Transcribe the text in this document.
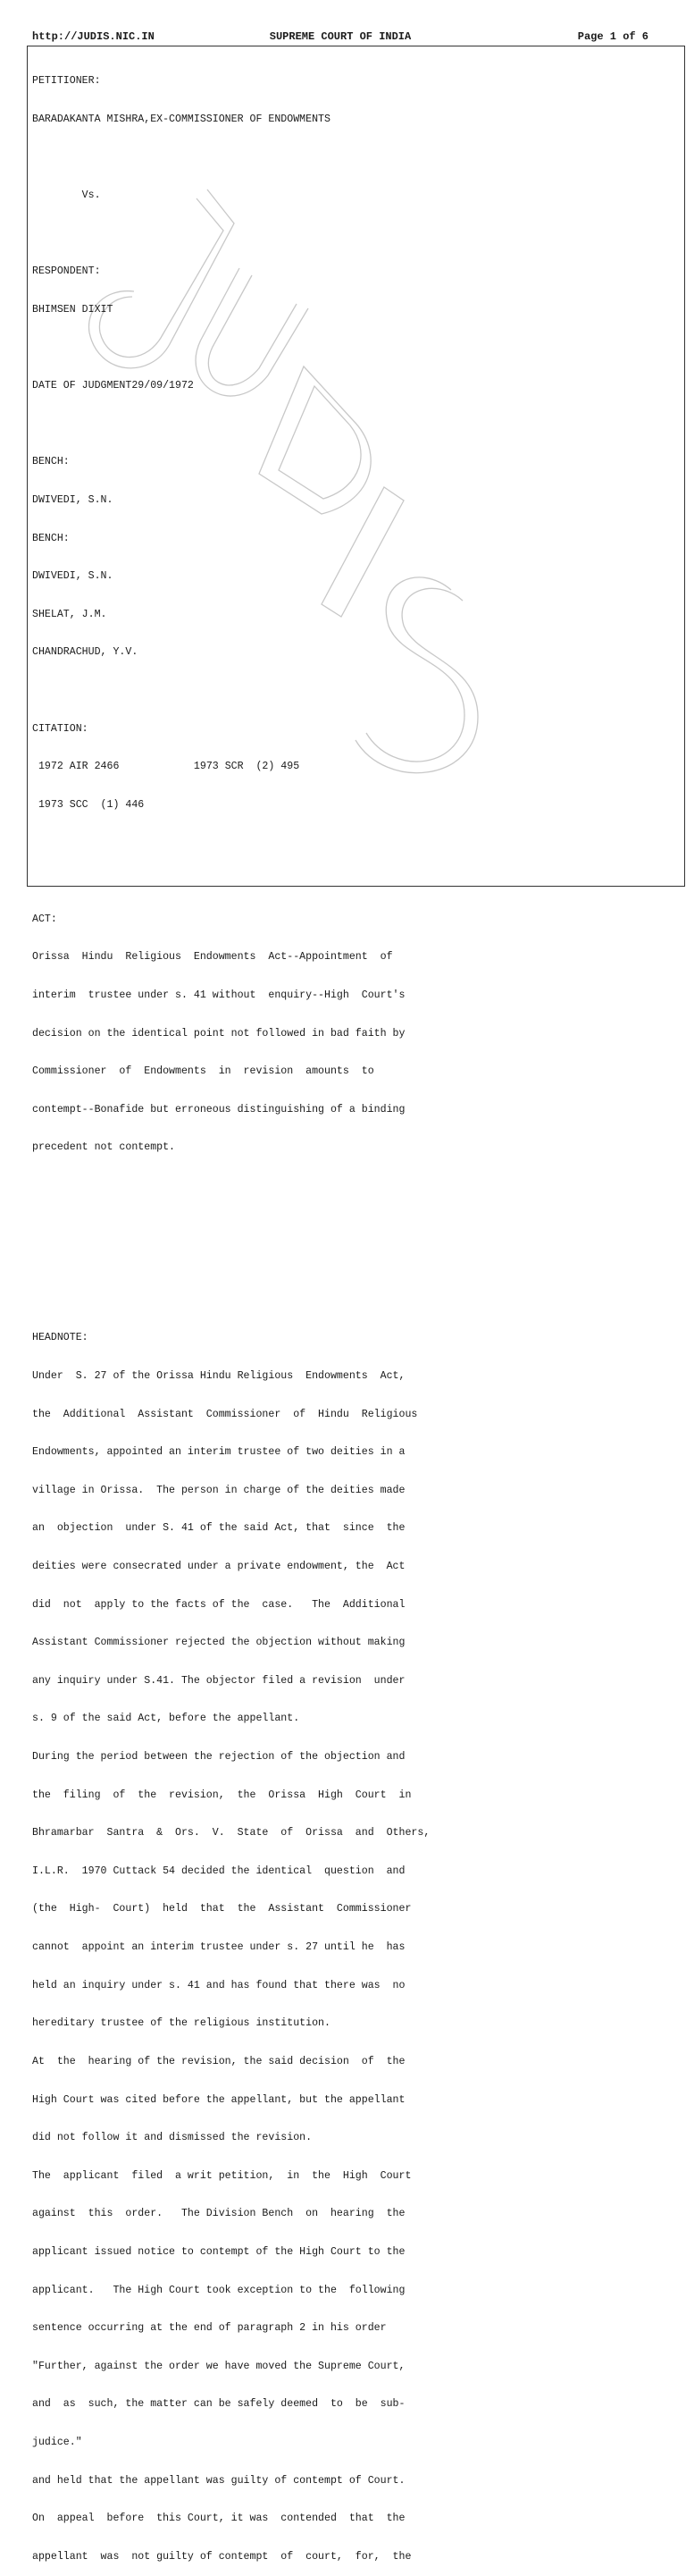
http://JUDIS.NIC.IN	SUPREME COURT OF INDIA	Page 1 of 6

PETITIONER:

BARADAKANTA MISHRA,EX-COMMISSIONER OF ENDOWMENTS

Vs.

RESPONDENT:

BHIMSEN DIXIT

DATE OF JUDGMENT29/09/1972

BENCH:

DWIVEDI, S.N.

BENCH:

DWIVEDI, S.N.

SHELAT, J.M.

CHANDRACHUD, Y.V.

CITATION:

1972 AIR 2466            1973 SCR  (2) 495

1973 SCC  (1) 446

ACT:

Orissa  Hindu  Religious  Endowments  Act--Appointment  of

interim  trustee under s. 41 without  enquiry--High  Court's

decision on the identical point not followed in bad faith by

Commissioner  of  Endowments  in  revision  amounts  to

contempt--Bonafide but erroneous distinguishing of a binding

precedent not contempt.

HEADNOTE:

Under  S. 27 of the Orissa Hindu Religious  Endowments  Act,

the  Additional  Assistant  Commissioner  of  Hindu  Religious

Endowments, appointed an interim trustee of two deities in a

village in Orissa.  The person in charge of the deities made

an  objection  under S. 41 of the said Act, that  since  the

deities were consecrated under a private endowment, the  Act

did  not  apply to the facts of the  case.   The  Additional

Assistant Commissioner rejected the objection without making

any inquiry under S.41. The objector filed a revision  under

s. 9 of the said Act, before the appellant.

During the period between the rejection of the objection and

the  filing  of  the  revision,  the  Orissa  High  Court  in

Bhramarbar  Santra  &  Ors.  V.  State  of  Orissa  and  Others,

I.L.R.  1970 Cuttack 54 decided the identical  question  and

(the  High-  Court)  held  that  the  Assistant  Commissioner

cannot  appoint an interim trustee under s. 27 until he  has

held an inquiry under s. 41 and has found that there was  no

hereditary trustee of the religious institution.

At  the  hearing of the revision, the said decision  of  the

High Court was cited before the appellant, but the appellant

did not follow it and dismissed the revision.

The  applicant  filed  a writ petition,  in  the  High  Court

against  this  order.   The Division Bench  on  hearing  the

applicant issued notice to contempt of the High Court to the

applicant.   The High Court took exception to the  following

sentence occurring at the end of paragraph 2 in his order

"Further, against the order we have moved the Supreme Court,

and  as  such, the matter can be safely deemed  to  be  sub-

judice."

and held that the appellant was guilty of contempt of Court.

On  appeal  before  this Court, it was  contended  that  the

appellant  was  not guilty of contempt  of  court,  for,  the
